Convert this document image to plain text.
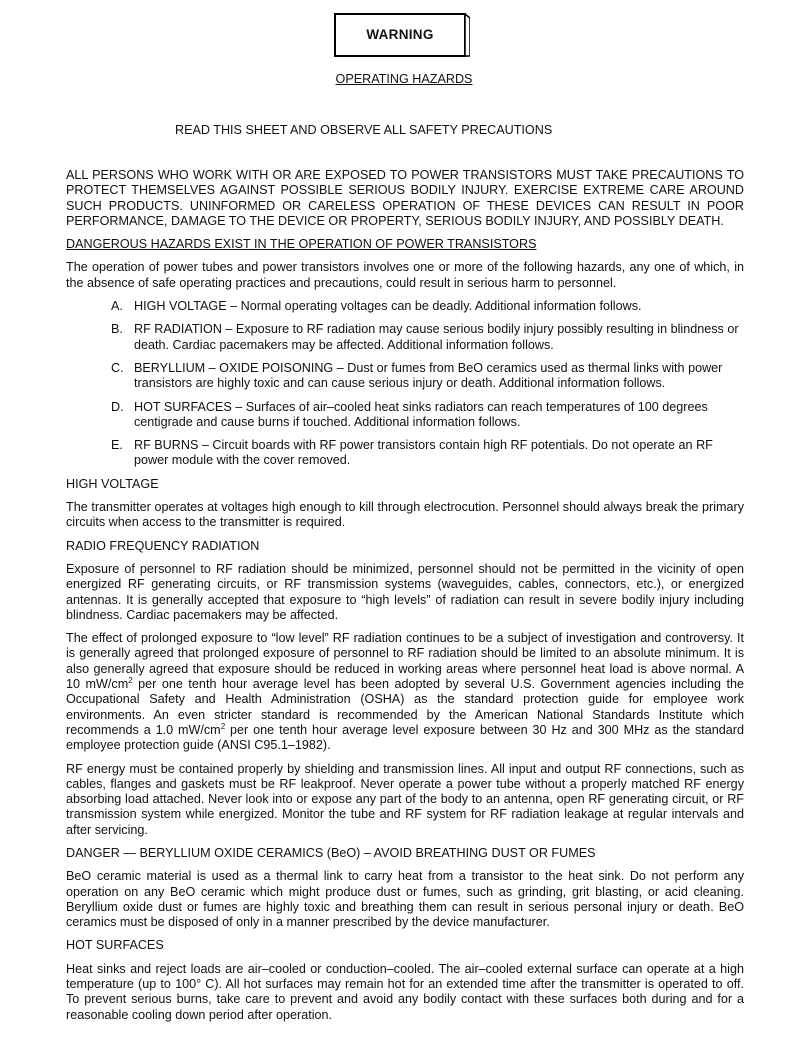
WARNING
OPERATING HAZARDS
READ THIS SHEET AND OBSERVE ALL SAFETY PRECAUTIONS

ALL PERSONS WHO WORK WITH OR ARE EXPOSED TO POWER TRANSISTORS MUST TAKE PRECAUTIONS TO PROTECT THEMSELVES AGAINST POSSIBLE SERIOUS BODILY INJURY. EXERCISE EXTREME CARE AROUND SUCH PRODUCTS. UNINFORMED OR CARELESS OPERATION OF THESE DEVICES CAN RESULT IN POOR PERFORMANCE, DAMAGE TO THE DEVICE OR PROPERTY, SERIOUS BODILY INJURY, AND POSSIBLY DEATH.

DANGEROUS HAZARDS EXIST IN THE OPERATION OF POWER TRANSISTORS

The operation of power tubes and power transistors involves one or more of the following hazards, any one of which, in the absence of safe operating practices and precautions, could result in serious harm to personnel.

A. HIGH VOLTAGE – Normal operating voltages can be deadly. Additional information follows.
B. RF RADIATION – Exposure to RF radiation may cause serious bodily injury possibly resulting in blindness or death. Cardiac pacemakers may be affected. Additional information follows.
C. BERYLLIUM – OXIDE POISONING – Dust or fumes from BeO ceramics used as thermal links with power transistors are highly toxic and can cause serious injury or death. Additional information follows.
D. HOT SURFACES – Surfaces of air–cooled heat sinks radiators can reach temperatures of 100 degrees centigrade and cause burns if touched. Additional information follows.
E. RF BURNS – Circuit boards with RF power transistors contain high RF potentials. Do not operate an RF power module with the cover removed.
HIGH VOLTAGE

The transmitter operates at voltages high enough to kill through electrocution. Personnel should always break the primary circuits when access to the transmitter is required.

RADIO FREQUENCY RADIATION

Exposure of personnel to RF radiation should be minimized, personnel should not be permitted in the vicinity of open energized RF generating circuits, or RF transmission systems (waveguides, cables, connectors, etc.), or energized antennas. It is generally accepted that exposure to “high levels” of radiation can result in severe bodily injury including blindness. Cardiac pacemakers may be affected.

The effect of prolonged exposure to “low level” RF radiation continues to be a subject of investigation and controversy. It is generally agreed that prolonged exposure of personnel to RF radiation should be limited to an absolute minimum. It is also generally agreed that exposure should be reduced in working areas where personnel heat load is above normal. A 10 $mW/cm^2$ per one tenth hour average level has been adopted by several U.S. Government agencies including the Occupational Safety and Health Administration (OSHA) as the standard protection guide for employee work environments. An even stricter standard is recommended by the American National Standards Institute which recommends a 1.0 $mW/cm^2$ per one tenth hour average level exposure between 30 Hz and 300 MHz as the standard employee protection guide (ANSI C95.1–1982).

RF energy must be contained properly by shielding and transmission lines. All input and output RF connections, such as cables, flanges and gaskets must be RF leakproof. Never operate a power tube without a properly matched RF energy absorbing load attached. Never look into or expose any part of the body to an antenna, open RF generating circuit, or RF transmission system while energized. Monitor the tube and RF system for RF radiation leakage at regular intervals and after servicing.

DANGER — BERYLLIUM OXIDE CERAMICS (BeO) – AVOID BREATHING DUST OR FUMES

BeO ceramic material is used as a thermal link to carry heat from a transistor to the heat sink. Do not perform any operation on any BeO ceramic which might produce dust or fumes, such as grinding, grit blasting, or acid cleaning. Beryllium oxide dust or fumes are highly toxic and breathing them can result in serious personal injury or death. BeO ceramics must be disposed of only in a manner prescribed by the device manufacturer.

HOT SURFACES

Heat sinks and reject loads are air–cooled or conduction–cooled. The air–cooled external surface can operate at a high temperature (up to 100° C). All hot surfaces may remain hot for an extended time after the transmitter is operated to off. To prevent serious burns, take care to prevent and avoid any bodily contact with these surfaces both during and for a reasonable cooling down period after operation.
